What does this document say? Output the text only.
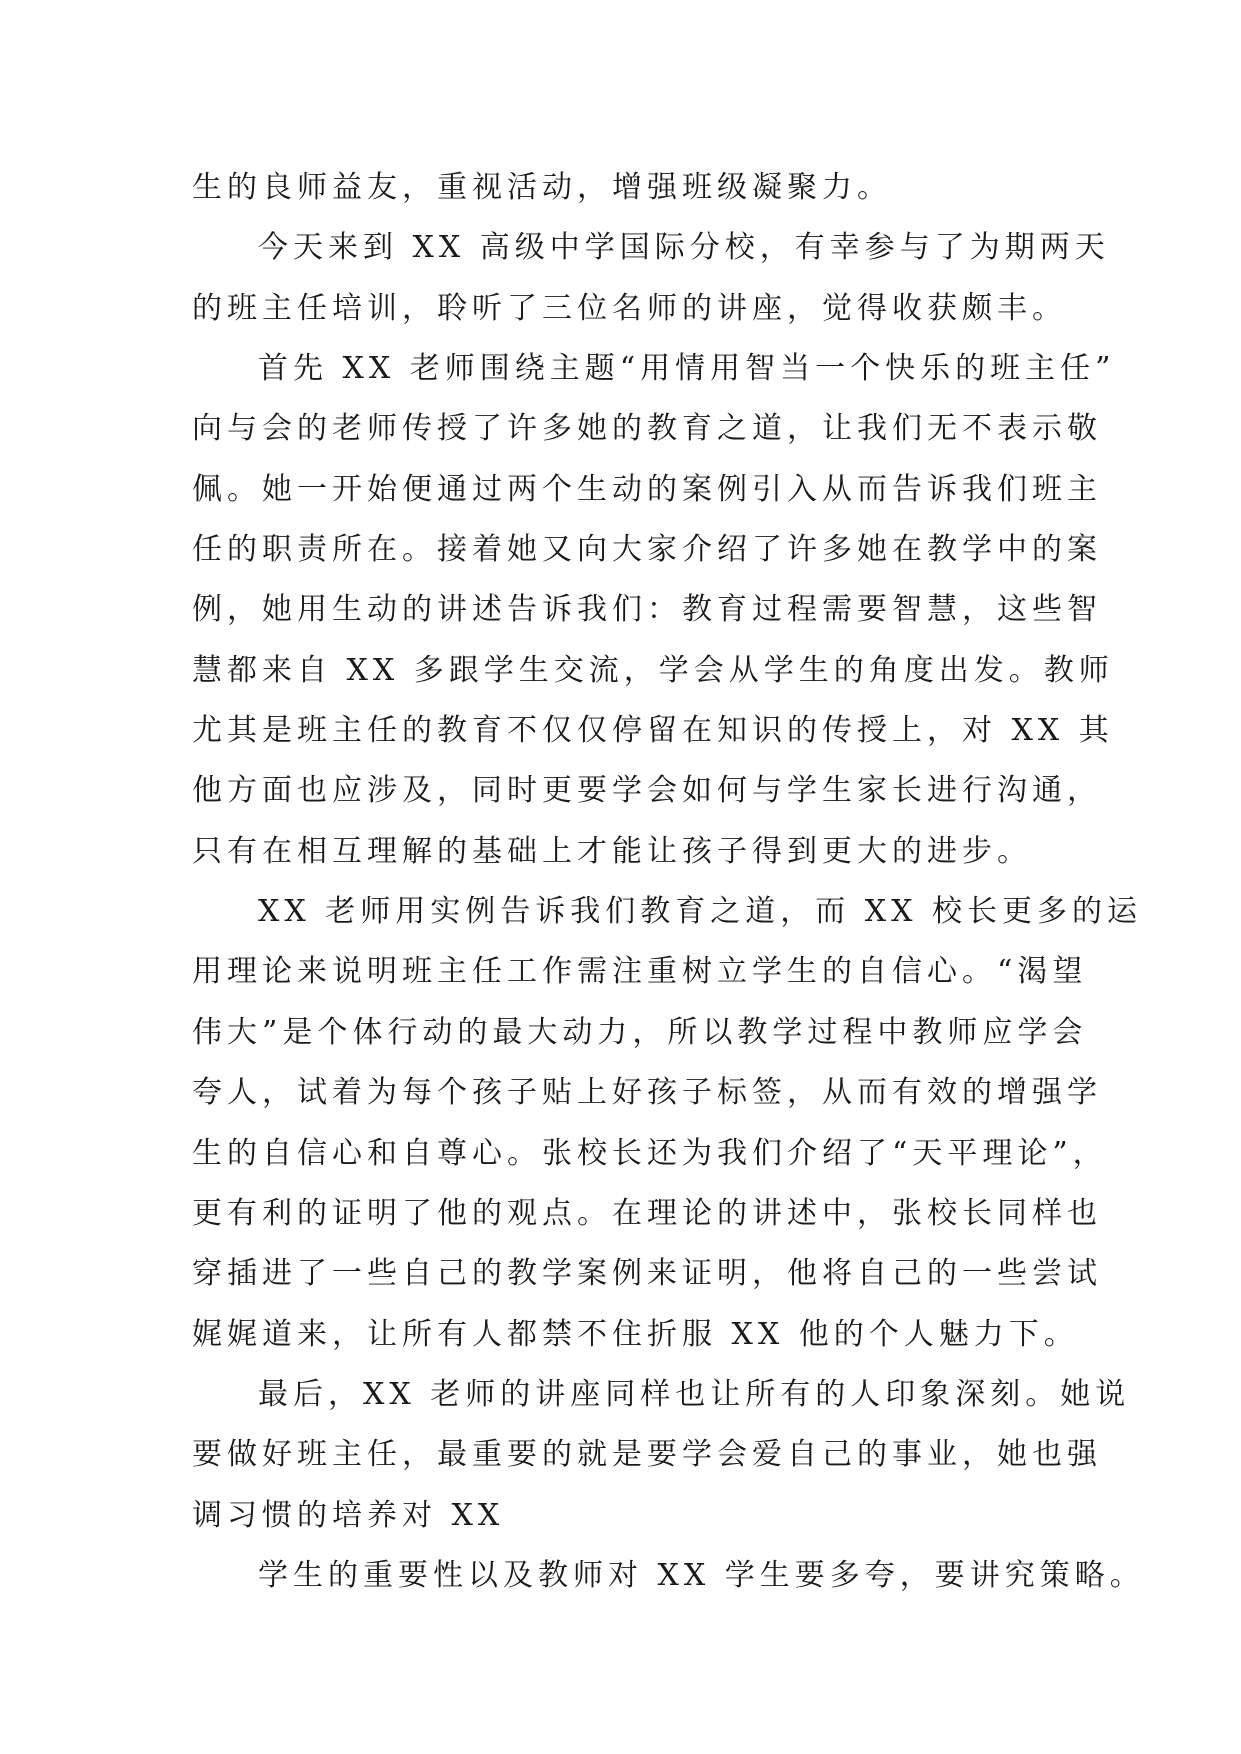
生的良师益友，重视活动，增强班级凝聚力。

今天来到 XX 高级中学国际分校，有幸参与了为期两天

的班主任培训，聆听了三位名师的讲座，觉得收获颇丰。

首先 XX 老师围绕主题“用情用智当一个快乐的班主任”

向与会的老师传授了许多她的教育之道，让我们无不表示敬

佩。她一开始便通过两个生动的案例引入从而告诉我们班主

任的职责所在。接着她又向大家介绍了许多她在教学中的案

例，她用生动的讲述告诉我们：教育过程需要智慧，这些智

慧都来自 XX 多跟学生交流，学会从学生的角度出发。教师

尤其是班主任的教育不仅仅停留在知识的传授上，对 XX 其

他方面也应涉及，同时更要学会如何与学生家长进行沟通，

只有在相互理解的基础上才能让孩子得到更大的进步。

XX 老师用实例告诉我们教育之道，而 XX 校长更多的运

用理论来说明班主任工作需注重树立学生的自信心。“渴望

伟大”是个体行动的最大动力，所以教学过程中教师应学会

夸人，试着为每个孩子贴上好孩子标签，从而有效的增强学

生的自信心和自尊心。张校长还为我们介绍了“天平理论”，

更有利的证明了他的观点。在理论的讲述中，张校长同样也

穿插进了一些自己的教学案例来证明，他将自己的一些尝试

娓娓道来，让所有人都禁不住折服 XX 他的个人魅力下。

最后，XX 老师的讲座同样也让所有的人印象深刻。她说

要做好班主任，最重要的就是要学会爱自己的事业，她也强

调习惯的培养对 XX

学生的重要性以及教师对 XX 学生要多夸，要讲究策略。
